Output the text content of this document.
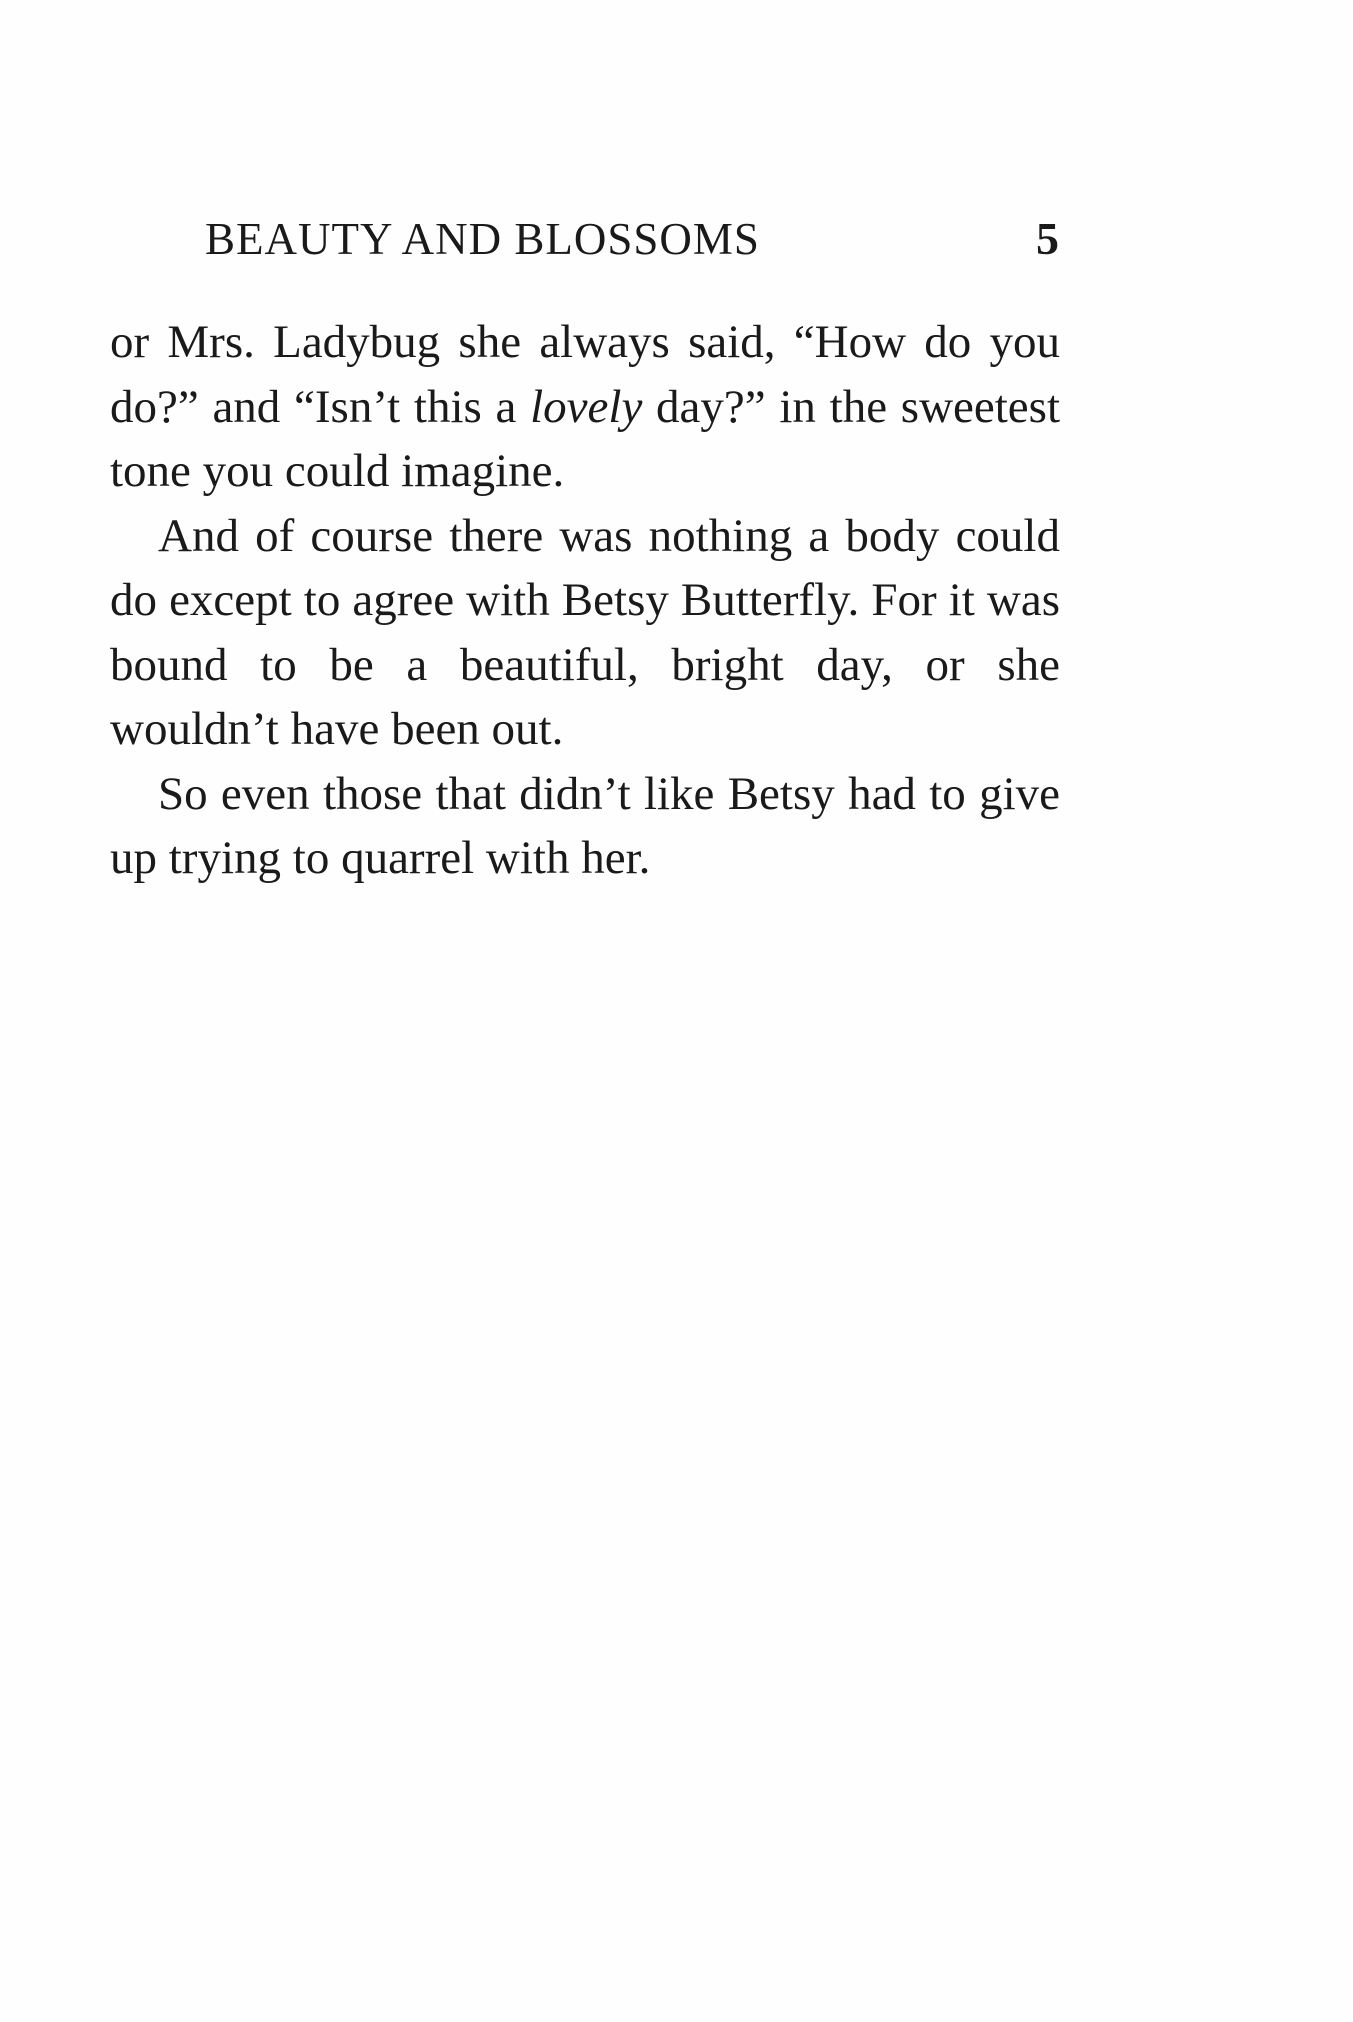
BEAUTY AND BLOSSOMS	5

or Mrs. Ladybug she always said, “How do you do?” and “Isn’t this a lovely day?” in the sweetest tone you could imagine.

And of course there was nothing a body could do except to agree with Betsy Butterfly. For it was bound to be a beautiful, bright day, or she wouldn’t have been out.

So even those that didn’t like Betsy had to give up trying to quarrel with her.
